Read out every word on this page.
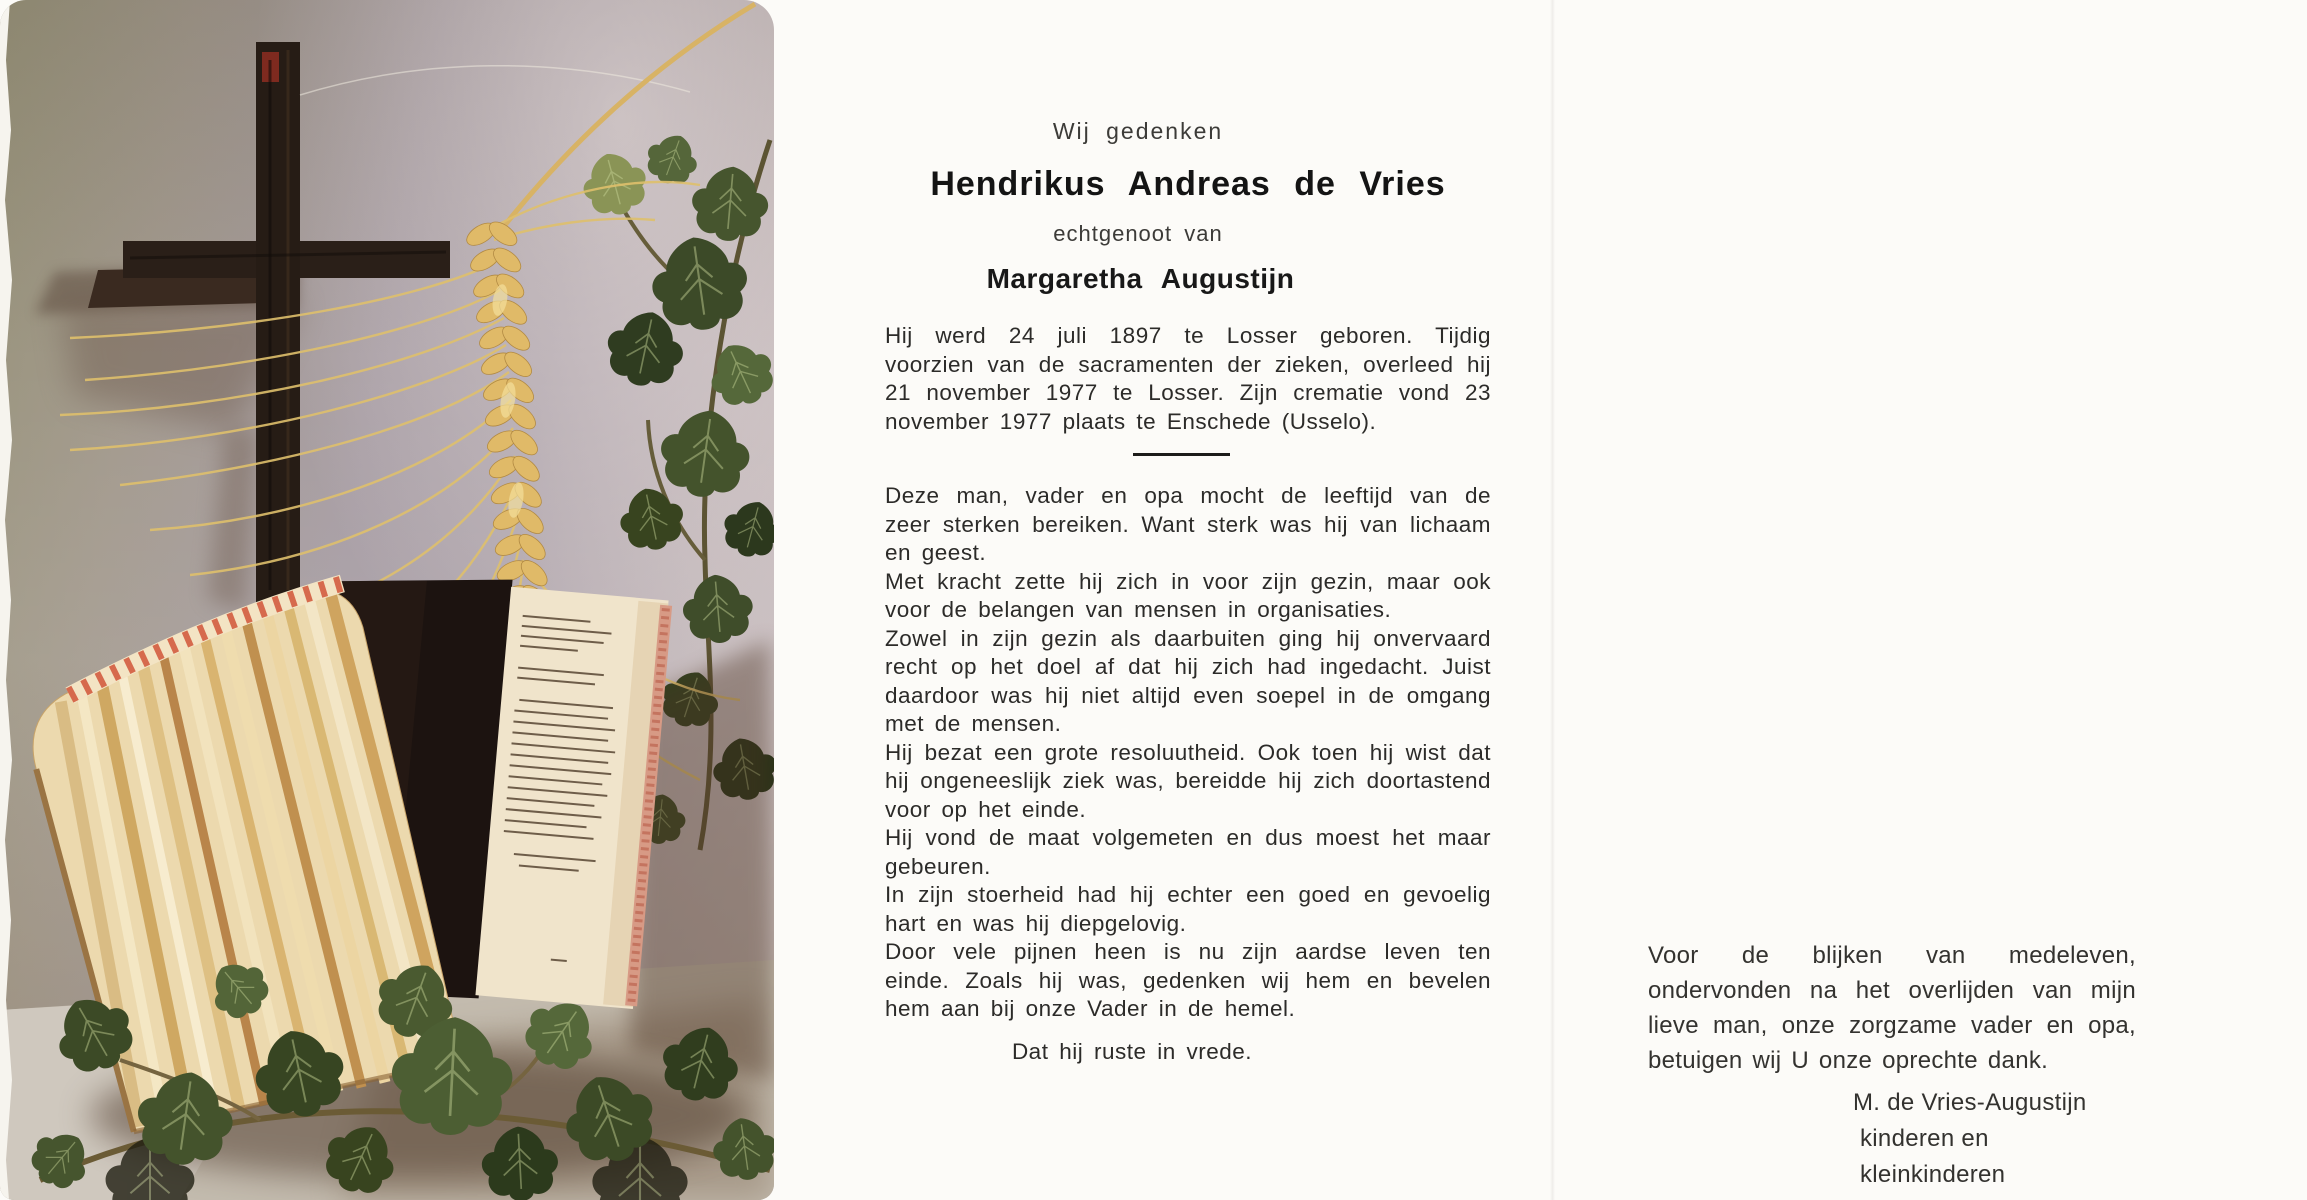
Wij gedenken

Hendrikus Andreas de Vries

echtgenoot van

Margaretha Augustijn

Hij werd 24 juli 1897 te Losser geboren. Tijdig voorzien van de sacramenten der zieken, overleed hij 21 november 1977 te Losser. Zijn crematie vond 23 november 1977 plaats te Enschede (Usselo).

Deze man, vader en opa mocht de leeftijd van de zeer sterken bereiken. Want sterk was hij van lichaam en geest.

Met kracht zette hij zich in voor zijn gezin, maar ook voor de belangen van mensen in organisaties.

Zowel in zijn gezin als daarbuiten ging hij onvervaard recht op het doel af dat hij zich had ingedacht. Juist daardoor was hij niet altijd even soepel in de omgang met de mensen.

Hij bezat een grote resoluutheid. Ook toen hij wist dat hij ongeneeslijk ziek was, bereidde hij zich doortastend voor op het einde.

Hij vond de maat volgemeten en dus moest het maar gebeuren.

In zijn stoerheid had hij echter een goed en gevoelig hart en was hij diepgelovig.

Door vele pijnen heen is nu zijn aardse leven ten einde. Zoals hij was, gedenken wij hem en bevelen hem aan bij onze Vader in de hemel.

Dat hij ruste in vrede.

Voor de blijken van medeleven, ondervonden na het overlijden van mijn lieve man, onze zorgzame vader en opa, betuigen wij U onze oprechte dank.

M. de Vries-Augustijn

kinderen en kleinkinderen
